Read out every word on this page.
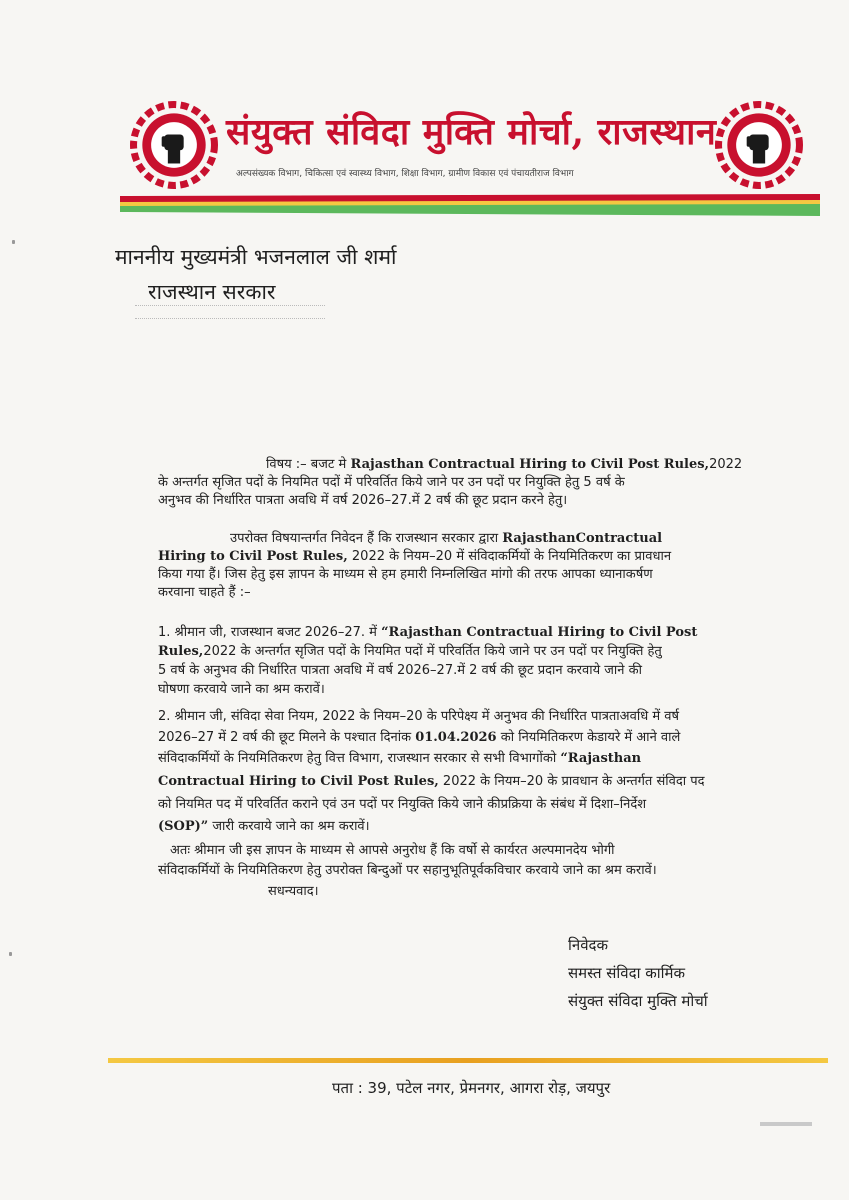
संयुक्त संविदा मुक्ति मोर्चा, राजस्थान
अल्पसंख्यक विभाग, चिकित्सा एवं स्वास्थ्य विभाग, शिक्षा विभाग, ग्रामीण विकास एवं पंचायतीराज विभाग
माननीय मुख्यमंत्री भजनलाल जी शर्मा
राजस्थान सरकार
विषय :– बजट मे Rajasthan Contractual Hiring to Civil Post Rules,2022
के अन्तर्गत सृजित पदों के नियमित पदों में परिवर्तित किये जाने पर उन पदों पर नियुक्ति हेतु 5 वर्ष के
अनुभव की निर्धारित पात्रता अवधि में वर्ष 2026–27.में 2 वर्ष की छूट प्रदान करने हेतु।
उपरोक्त विषयान्तर्गत निवेदन हैं कि राजस्थान सरकार द्वारा RajasthanContractual
Hiring to Civil Post Rules, 2022 के नियम–20 में संविदाकर्मियों के नियमितिकरण का प्रावधान
किया गया हैं। जिस हेतु इस ज्ञापन के माध्यम से हम हमारी निम्नलिखित मांगो की तरफ आपका ध्यानाकर्षण
करवाना चाहते हैं :–
1. श्रीमान जी, राजस्थान बजट 2026–27. में “Rajasthan Contractual Hiring to Civil Post
Rules,2022 के अन्तर्गत सृजित पदों के नियमित पदों में परिवर्तित किये जाने पर उन पदों पर नियुक्ति हेतु
5 वर्ष के अनुभव की निर्धारित पात्रता अवधि में वर्ष 2026–27.में 2 वर्ष की छूट प्रदान करवाये जाने की
घोषणा करवाये जाने का श्रम करावें।
2. श्रीमान जी, संविदा सेवा नियम, 2022 के नियम–20 के परिपेक्ष्य में अनुभव की निर्धारित पात्रताअवधि में वर्ष
2026–27 में 2 वर्ष की छूट मिलने के पश्चात दिनांक 01.04.2026 को नियमितिकरण केडायरे में आने वाले
संविदाकर्मियों के नियमितिकरण हेतु वित्त विभाग, राजस्थान सरकार से सभी विभागोंको “Rajasthan
Contractual Hiring to Civil Post Rules, 2022 के नियम–20 के प्रावधान के अन्तर्गत संविदा पद
को नियमित पद में परिवर्तित कराने एवं उन पदों पर नियुक्ति किये जाने कीप्रक्रिया के संबंध में दिशा–निर्देश
(SOP)” जारी करवाये जाने का श्रम करावें।
अतः श्रीमान जी इस ज्ञापन के माध्यम से आपसे अनुरोध हैं कि वर्षो से कार्यरत अल्पमानदेय भोगी
संविदाकर्मियों के नियमितिकरण हेतु उपरोक्त बिन्दुओं पर सहानुभूतिपूर्वकविचार करवाये जाने का श्रम करावें।
सधन्यवाद।
निवेदक
समस्त संविदा कार्मिक
संयुक्त संविदा मुक्ति मोर्चा
पता : 39, पटेल नगर, प्रेमनगर, आगरा रोड़, जयपुर
